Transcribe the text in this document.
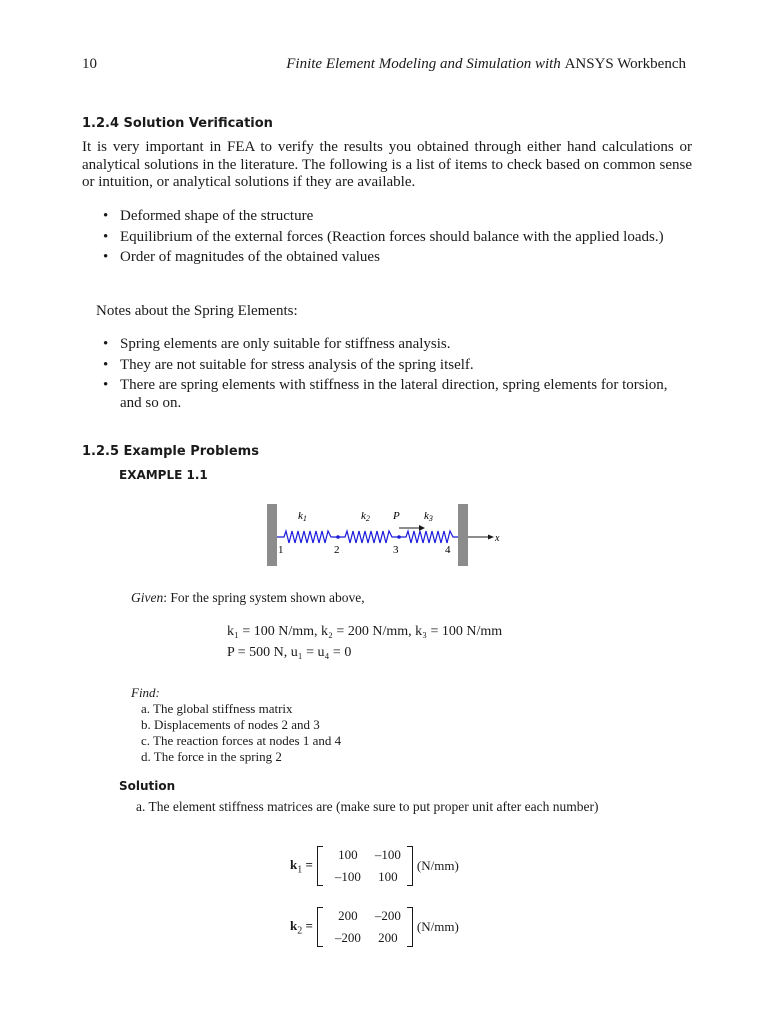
10	Finite Element Modeling and Simulation with ANSYS Workbench
1.2.4 Solution Verification

It is very important in FEA to verify the results you obtained through either hand calculations or analytical solutions in the literature. The following is a list of items to check based on common sense or intuition, or analytical solutions if they are available.

• Deformed shape of the structure
• Equilibrium of the external forces (Reaction forces should balance with the applied loads.)
• Order of magnitudes of the obtained values
Notes about the Spring Elements:
• Spring elements are only suitable for stiffness analysis.
• They are not suitable for stress analysis of the spring itself.
• There are spring elements with stiffness in the lateral direction, spring elements for torsion, and so on.
1.2.5 Example Problems
EXAMPLE 1.1
k1	k2 P k3
x
1	2	3	4
Given: For the spring system shown above,
k₁ = 100 N/mm, k₂ = 200 N/mm, k₃ = 100 N/mm
P = 500 N, u₁ = u₄ = 0
Find:
a. The global stiffness matrix
b. Displacements of nodes 2 and 3
c. The reaction forces at nodes 1 and 4
d. The force in the spring 2
Solution
a. The element stiffness matrices are (make sure to put proper unit after each number)
$k_1$ =
100	–100
–100	100
(N/mm)
$k_2$ =
200	–200
–200	200
(N/mm)
